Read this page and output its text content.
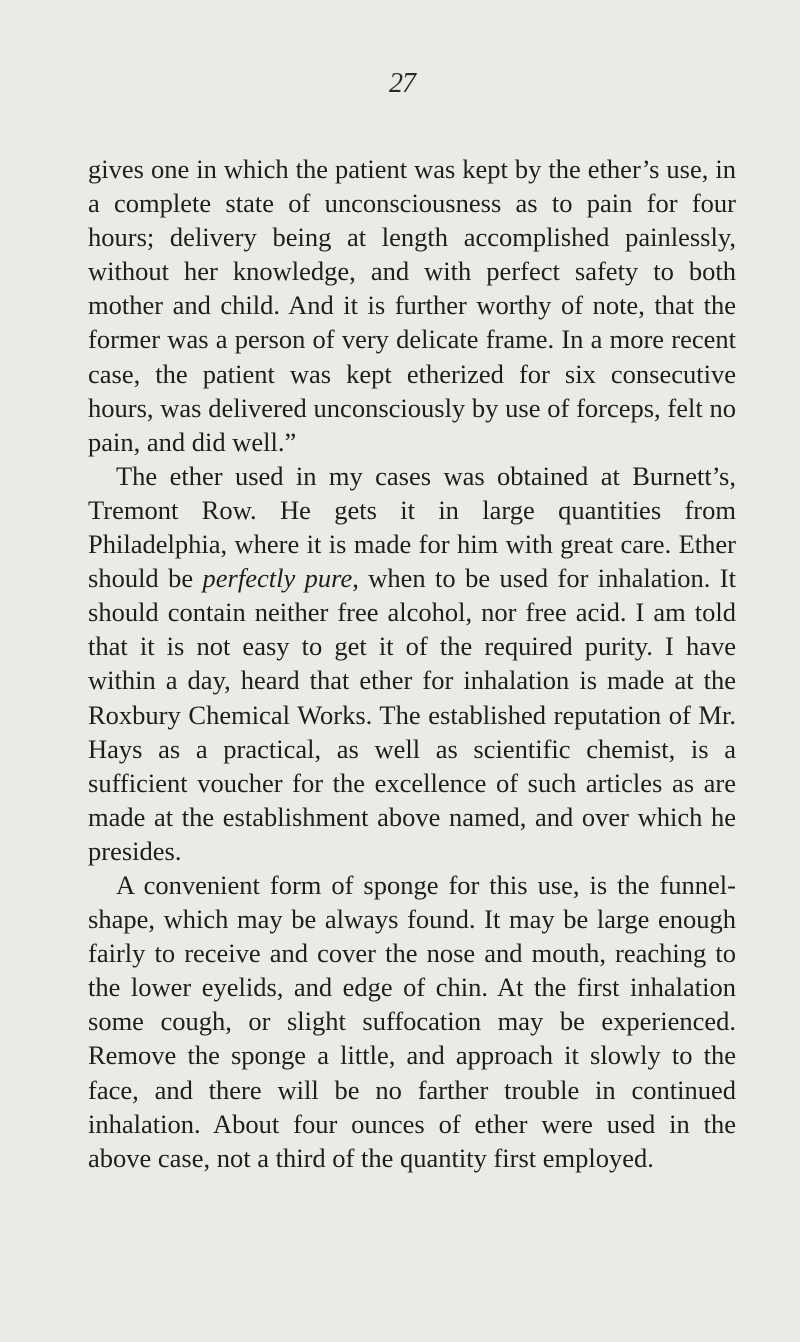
27

gives one in which the patient was kept by the ether’s use, in a complete state of unconsciousness as to pain for four hours; delivery being at length accomplished painlessly, without her knowledge, and with perfect safety to both mother and child. And it is further worthy of note, that the former was a person of very delicate frame. In a more recent case, the patient was kept etherized for six consecutive hours, was delivered unconsciously by use of forceps, felt no pain, and did well.”

The ether used in my cases was obtained at Burnett’s, Tremont Row. He gets it in large quantities from Philadelphia, where it is made for him with great care. Ether should be perfectly pure, when to be used for inhalation. It should contain neither free alcohol, nor free acid. I am told that it is not easy to get it of the required purity. I have within a day, heard that ether for inhalation is made at the Roxbury Chemical Works. The established reputation of Mr. Hays as a practical, as well as scientific chemist, is a sufficient voucher for the excellence of such articles as are made at the establishment above named, and over which he presides.

A convenient form of sponge for this use, is the funnel-shape, which may be always found. It may be large enough fairly to receive and cover the nose and mouth, reaching to the lower eyelids, and edge of chin. At the first inhalation some cough, or slight suffocation may be experienced. Remove the sponge a little, and approach it slowly to the face, and there will be no farther trouble in continued inhalation. About four ounces of ether were used in the above case, not a third of the quantity first employed.
